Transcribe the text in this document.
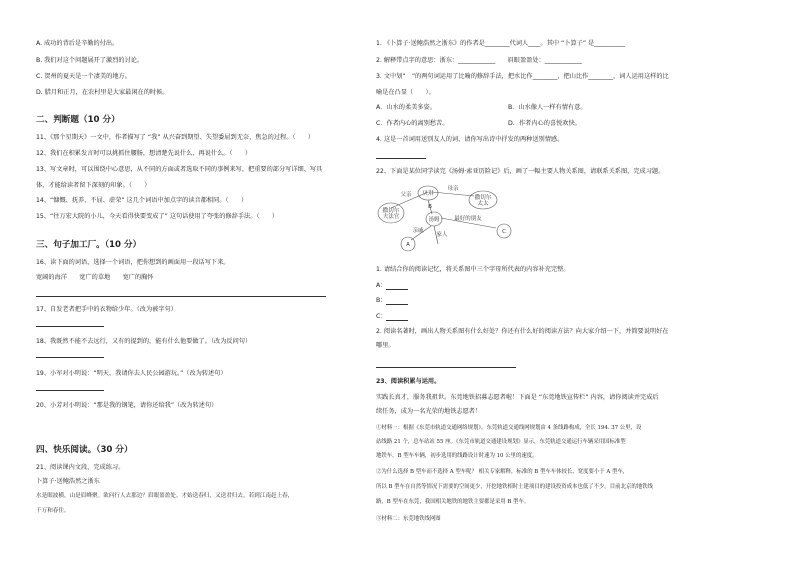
A. 成功的背后是辛勤的付出。
B. 我们对这个问题展开了激烈的讨论。
C. 贺州的夏天是一个凄美的地方。
D. 腊月和正月，在农村里是大家最闲在的时候。
二、判断题（10 分）
11、《那个星期天》一文中，作者描写了 “我” 从兴奋到期望、失望委屈到无奈，焦急的过程。（　　）
12、我们在积累发言时可以挑抓住腰肠，想清楚先说什么、再说什么。（　　）
13、写文章时，可以围绕中心意思，从不同的方面或者选取不同的事例来写，把重要的部分写详细、写具
体，才能给读者留下深刻的印象。（　　）
14、“慷慨、抚养、不屈、虚荣” 这几个词语中加点字的读音都相同。（　　）
15、“往万宏大院的小儿，今天看得快要变成了” 这句话使用了夸张的修辞手法。（　　）
三、句子加工厂。（10 分）
16、读下面的词语，选择一个词语，把你想到的画面用一段话写下来。
宽阔的海洋　　宽广的草地　　宽广的胸怀
17、自发老者把手中的衣物给少年。（改为被字句）
18、我既然不能不去远行，又有的提到的，能有什么他要做了。（改为反问句）
19、小军对小明说：“明天，我请你去人民公园游玩。”（改为转述句）
20、小芳对小明说：“那是我的钢笔，请你还给我”（改为转述句）
四、快乐阅读。（30 分）
21、阅读课内文段，完成练习。
卜算子·送鲍浩然之浙东
水是眼波横，山是眉峰聚。欲问行人去那边？眉眼盈盈处。才始送春归，又送君归去。若到江南赶上春，
千万和春住。
1. 《卜算子·送鲍浩然之浙东》的作者是________代词人____。其中 “卜算子” 是__________
2. 解释带点字的意思：浙东：____________　　眉眼盈盈处：____________
3. 文中划“　”的两句词运用了比喻的修辞手法，把水比作________，把山比作________，词人运用这样的比
喻是在凸显（　　）。
A．山水的柔美多姿。	B．山水像人一样有情有意。
C．作者内心的离别愁苦。	D．作者内心的喜悦欢快。
4. 这是一首词用送别友人的词，请你写出诗中抒发的两种送别情感。
22、下面是某位同学读完《汤姆·索亚历险记》后，画了一幅主要人物关系图，请联系关系图，完成习题。
撒切尔
夫法官
贝琪
撒切尔
太太
汤姆
A
B
C
父亲
母亲
最好的朋友
亲戚
家人
1. 请结合你的阅读记忆，将关系图中三个字母所代表的内容补充完整。
A：
B：
C：
2. 阅读名著时，画出人物关系图有什么好处？你还有什么好的阅读方法？向大家介绍一下，并简要说明好在
哪里。
23、阅读积累与运用。
实践长真才，服务我祖世。东莞地铁招募志愿者啦！下面是 “东莞地铁宣传栏” 内容，请你阅读并完成后
续任务，成为一名光荣的地铁志愿者！
①材料一：根据《东莞市轨道交通网络规划》，东莞轨道交通线网规划由 4 条线路构成，全长 194. 37 公里，设
站线路 21 个，总车站站 55 座。《东莞市轨道交通建设规划》显示，东莞轨道交通运行车辆采用国标准型
地铁车，B 型车车辆，初步选用的线路设计时速为 10 公里的速度。
②为什么选择 B 型车而不选择 A 型车呢？ 相关专家解释，标准的 B 型车车体较长、宽度要小于 A 型车，
所以 B 型车在自然等情况下需要的空间更少，开挖地铁相时土建项目的建设投资成本也低了不少。目前北京的地铁线
路，B 型车在东莞，我国相关地铁的地铁主要都是采用 B 型车。
③材料二：东莞地铁线网图
